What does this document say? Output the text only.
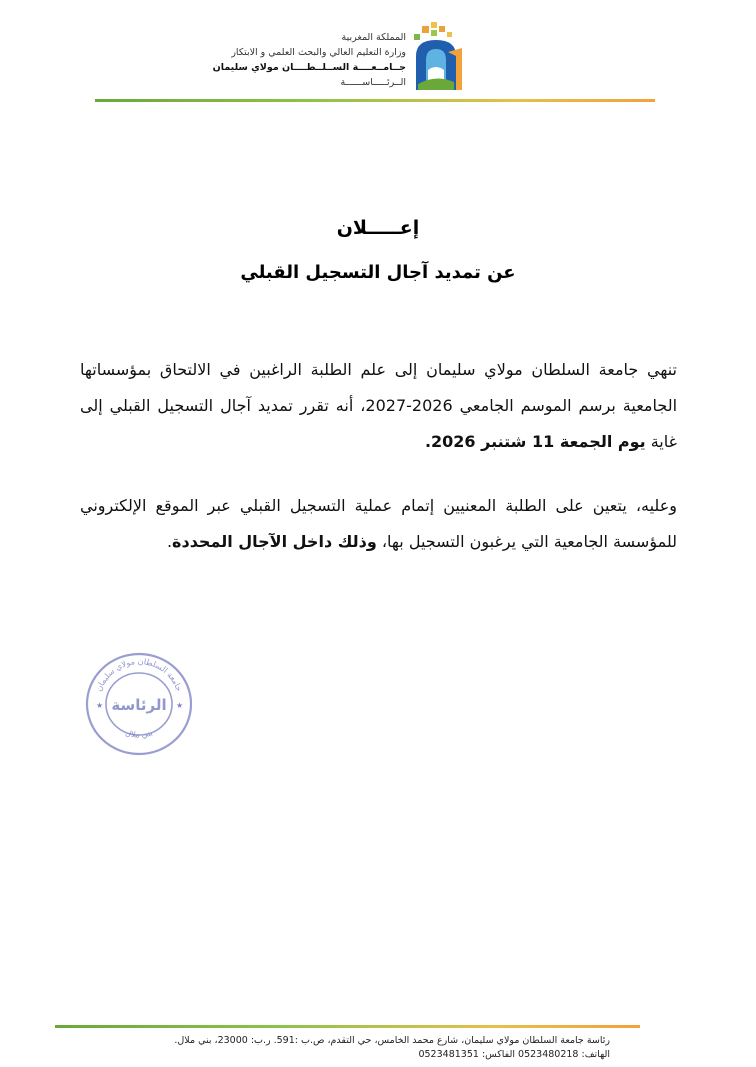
المملكة المغربية
وزارة التعليم العالي والبحث العلمي و الابتكار
جــامــعــــة الســلــطــــان مولاي سليمان
الــرئـــــاســــــة
إعـــــلان
عن تمديد آجال التسجيل القبلي

تنهي جامعة السلطان مولاي سليمان إلى علم الطلبة الراغبين في الالتحاق بمؤسساتها الجامعية برسم الموسم الجامعي 2026-2027، أنه تقرر تمديد آجال التسجيل القبلي إلى غاية يوم الجمعة 11 شتنبر 2026.

وعليه، يتعين على الطلبة المعنيين إتمام عملية التسجيل القبلي عبر الموقع الإلكتروني للمؤسسة الجامعية التي يرغبون التسجيل بها، وذلك داخل الآجال المحددة.

جامعة السلطان مولاي سليمان
الرئاسة
بني ملال
★	★
رئاسة جامعة السلطان مولاي سليمان، شارع محمد الخامس، حي التقدم، ص.ب :591. ر.ب: 23000، بني ملال.
الهاتف: 0523480218 الفاكس: 0523481351
